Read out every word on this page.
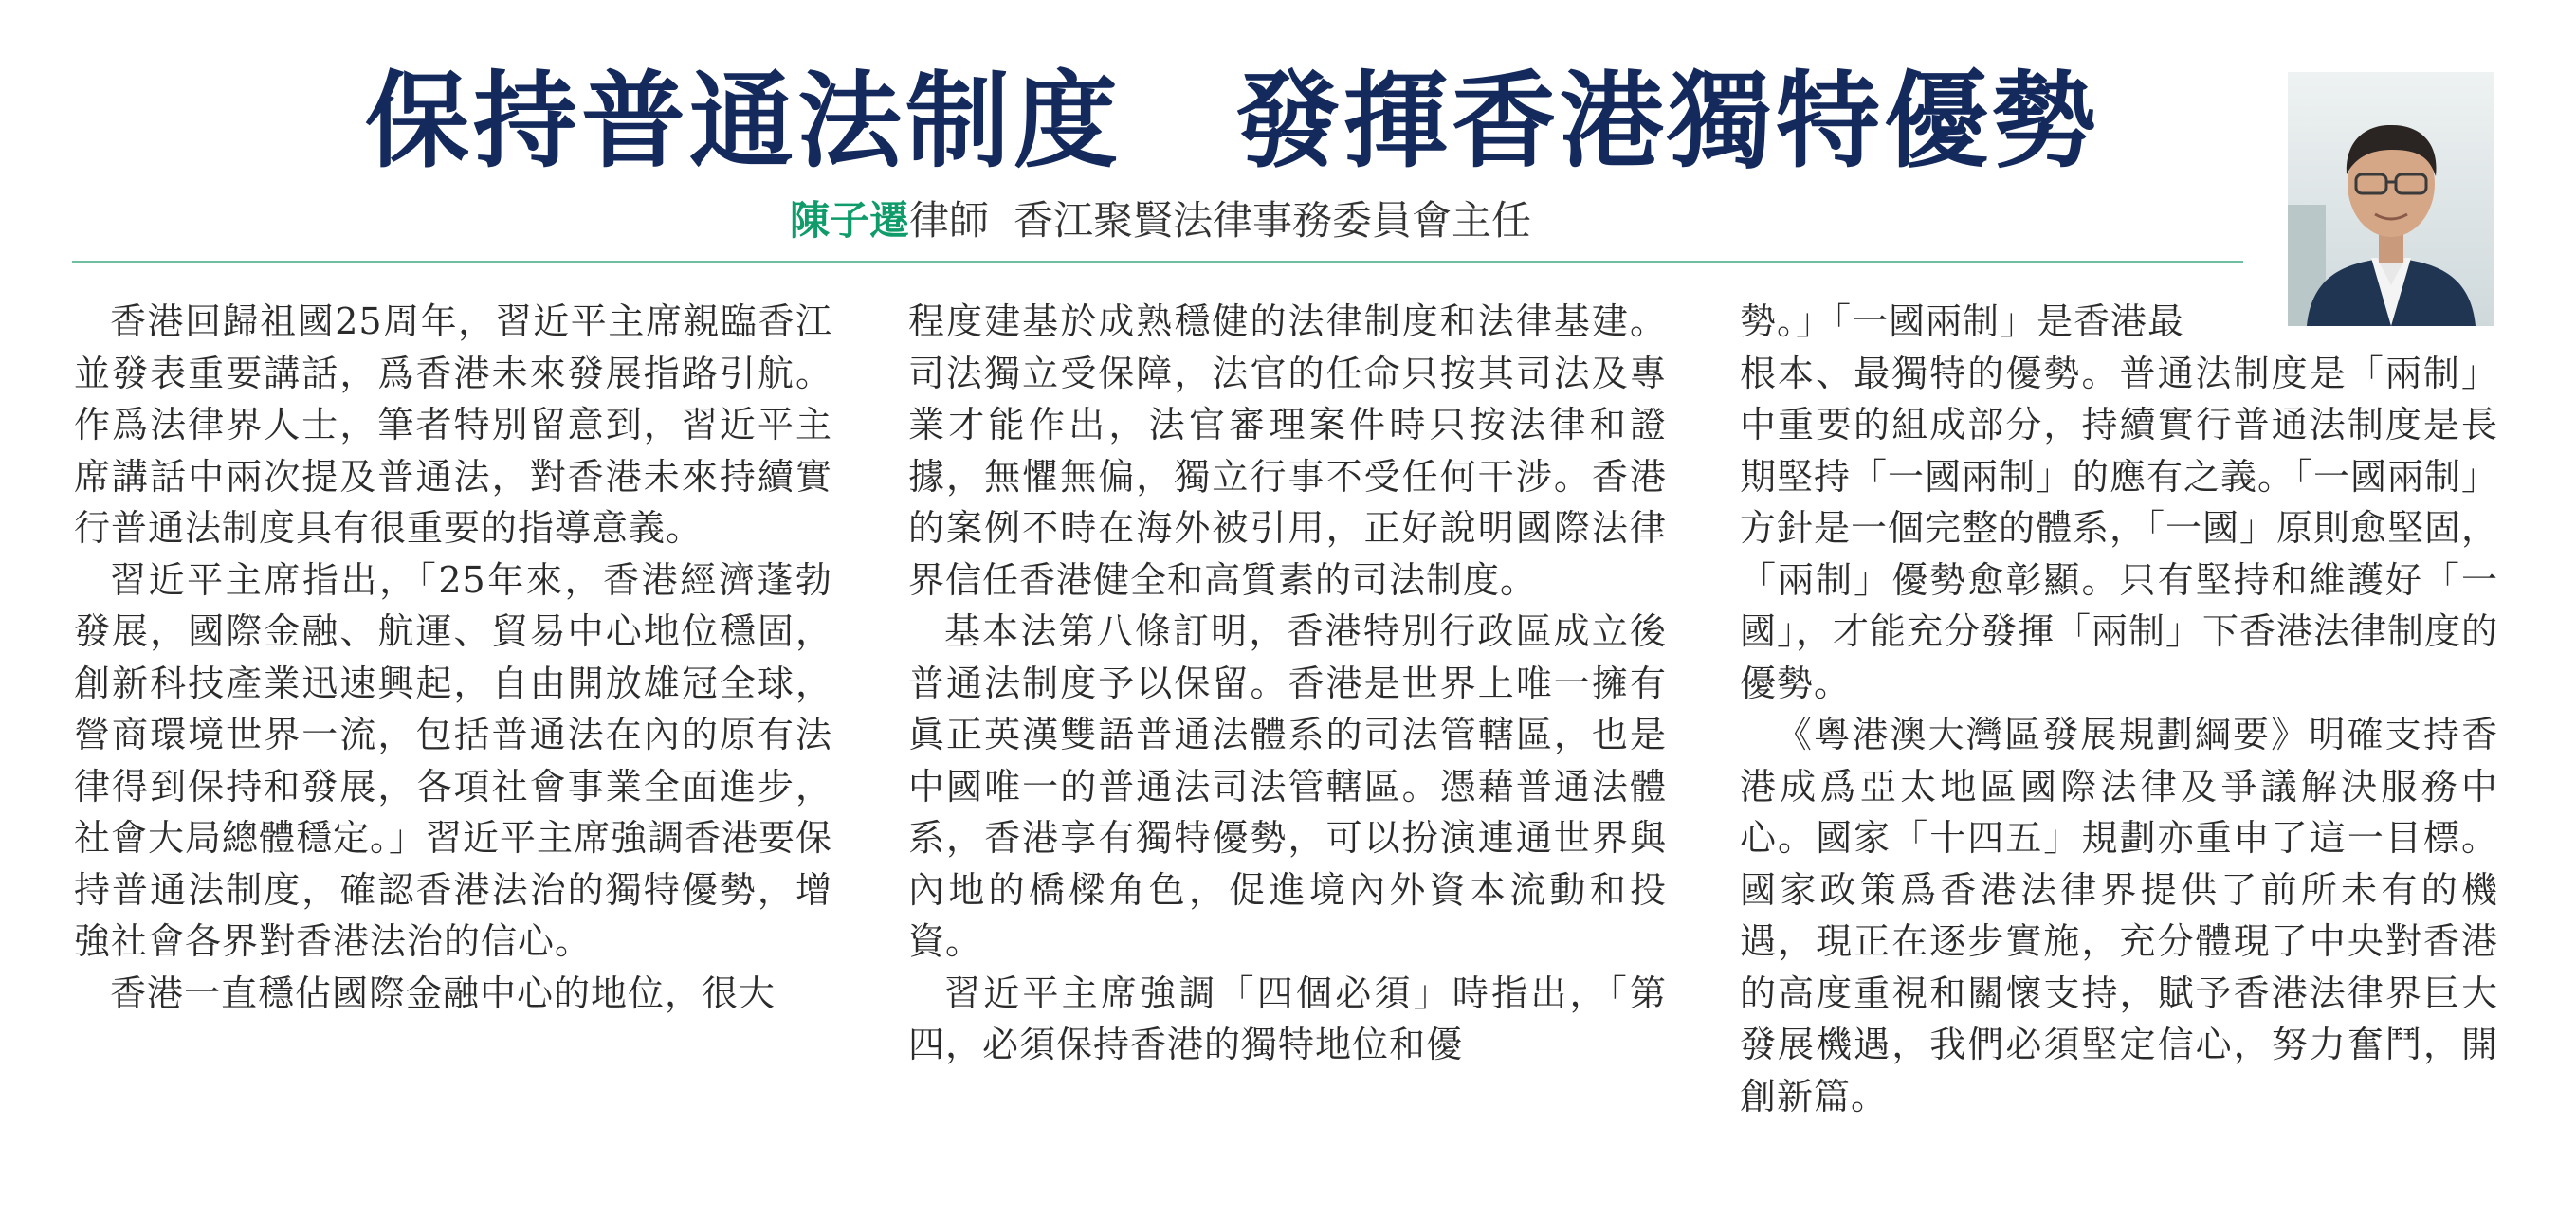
保持普通法制度 發揮香港獨特優勢
陳子遷律師 香江聚賢法律事務委員會主任

香港回歸祖國25周年，習近平主席親臨香江並發表重要講話，爲香港未來發展指路引航。作爲法律界人士，筆者特別留意到，習近平主席講話中兩次提及普通法，對香港未來持續實行普通法制度具有很重要的指導意義。

習近平主席指出，「25年來，香港經濟蓬勃發展，國際金融、航運、貿易中心地位穩固，創新科技產業迅速興起，自由開放雄冠全球，營商環境世界一流，包括普通法在內的原有法律得到保持和發展，各項社會事業全面進步，社會大局總體穩定。」習近平主席強調香港要保持普通法制度，確認香港法治的獨特優勢，增強社會各界對香港法治的信心。

香港一直穩佔國際金融中心的地位，很大

程度建基於成熟穩健的法律制度和法律基建。司法獨立受保障，法官的任命只按其司法及專業才能作出，法官審理案件時只按法律和證據，無懼無偏，獨立行事不受任何干涉。香港的案例不時在海外被引用，正好說明國際法律界信任香港健全和高質素的司法制度。

基本法第八條訂明，香港特別行政區成立後普通法制度予以保留。香港是世界上唯一擁有眞正英漢雙語普通法體系的司法管轄區，也是中國唯一的普通法司法管轄區。憑藉普通法體系，香港享有獨特優勢，可以扮演連通世界與內地的橋樑角色，促進境內外資本流動和投資。

習近平主席強調「四個必須」時指出，「第四，必須保持香港的獨特地位和優

勢。」「一國兩制」是香港最

根本、最獨特的優勢。普通法制度是「兩制」中重要的組成部分，持續實行普通法制度是長期堅持「一國兩制」的應有之義。「一國兩制」方針是一個完整的體系，「一國」原則愈堅固，「兩制」優勢愈彰顯。只有堅持和維護好「一國」，才能充分發揮「兩制」下香港法律制度的優勢。

《粵港澳大灣區發展規劃綱要》明確支持香港成爲亞太地區國際法律及爭議解決服務中心。國家「十四五」規劃亦重申了這一目標。國家政策爲香港法律界提供了前所未有的機遇，現正在逐步實施，充分體現了中央對香港的高度重視和關懷支持，賦予香港法律界巨大發展機遇，我們必須堅定信心，努力奮鬥，開創新篇。
